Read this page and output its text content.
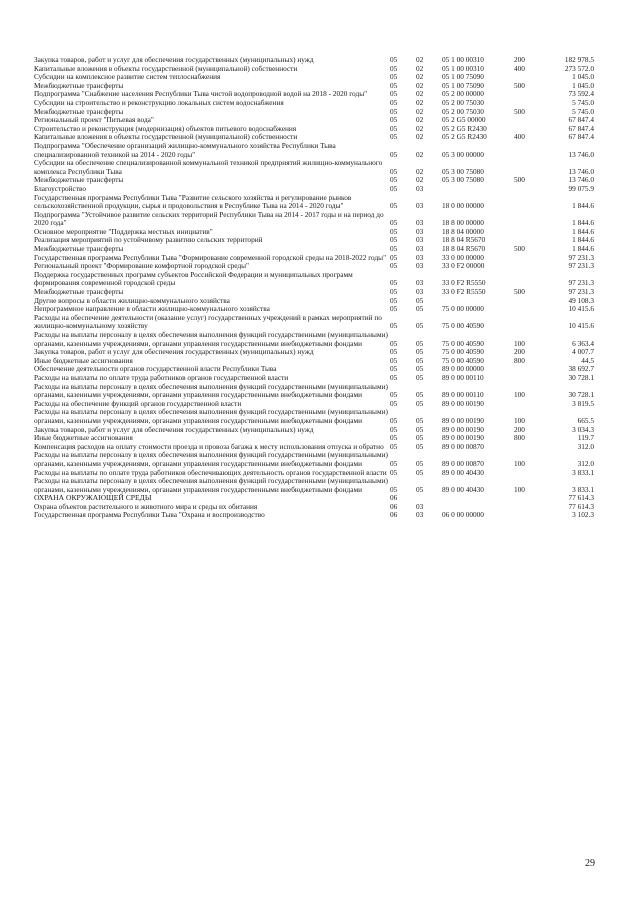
Закупка товаров, работ и услуг для обеспечения государственных (муниципальных) нужд	05	02	05 1 00 00310	200	182 978.5
Капитальные вложения в объекты государственной (муниципальной) собственности	05	02	05 1 00 00310	400	273 572.0
Субсидии на комплексное развитие систем теплоснабжения	05	02	05 1 00 75090		1 045.0
Межбюджетные трансферты	05	02	05 1 00 75090	500	1 045.0
Подпрограмма "Снабжение населения Республики Тыва чистой водопроводной водой на 2018 - 2020 годы"	05	02	05 2 00 00000		73 592.4
Субсидии на строительство и реконструкцию локальных систем водоснабжения	05	02	05 2 00 75030		5 745.0
Межбюджетные трансферты	05	02	05 2 00 75030	500	5 745.0
Региональный проект "Питьевая вода"	05	02	05 2 G5 00000		67 847.4
Строительство и реконструкция (модернизация) объектов питьевого водоснабжения	05	02	05 2 G5 R2430		67 847.4
Капитальные вложения в объекты государственной (муниципальной) собственности	05	02	05 2 G5 R2430	400	67 847.4
Подпрограмма "Обеспечение организаций жилищно-коммунального хозяйства Республики Тыва специализированной техникой на 2014 - 2020 годы"	05	02	05 3 00 00000		13 746.0
Субсидии на обеспечение специализированной коммунальной техникой предприятий жилищно-коммунального комплекса Республики Тыва	05	02	05 3 00 75080		13 746.0
Межбюджетные трансферты	05	02	05 3 00 75080	500	13 746.0
Благоустройство	05	03			99 075.9
Государственная программа Республики Тыва "Развитие сельского хозяйства и регулирование рынков сельскохозяйственной продукции, сырья и продовольствия в Республике Тыва на 2014 - 2020 годы"	05	03	18 0 00 00000		1 844.6
Подпрограмма "Устойчивое развитие сельских территорий Республики Тыва на 2014 - 2017 годы и на период до 2020 года"	05	03	18 8 00 00000		1 844.6
Основное мероприятие "Поддержка местных инициатив"	05	03	18 8 04 00000		1 844.6
Реализация мероприятий по устойчивому развитию сельских территорий	05	03	18 8 04 R5670		1 844.6
Межбюджетные трансферты	05	03	18 8 04 R5670	500	1 844.6
Государственная программа Республики Тыва "Формирование современной городской среды на 2018-2022 годы"	05	03	33 0 00 00000		97 231.3
Региональный проект "Формирование комфортной городской среды"	05	03	33 0 F2 00000		97 231.3
Поддержка государственных программ субъектов Российской Федерации и муниципальных программ формирования современной городской среды	05	03	33 0 F2 R5550		97 231.3
Межбюджетные трансферты	05	03	33 0 F2 R5550	500	97 231.3
Другие вопросы в области жилищно-коммунального хозяйства	05	05			49 108.3
Непрограммное направление в области жилищно-коммунального хозяйства	05	05	75 0 00 00000		10 415.6
Расходы на обеспечение деятельности (оказание услуг) государственных учреждений в рамках мероприятий по жилищно-коммунальному хозяйству	05	05	75 0 00 40590		10 415.6
Расходы на выплаты персоналу в целях обеспечения выполнения функций государственными (муниципальными) органами, казенными учреждениями, органами управления государственными внебюджетными фондами	05	05	75 0 00 40590	100	6 363.4
Закупка товаров, работ и услуг для обеспечения государственных (муниципальных) нужд	05	05	75 0 00 40590	200	4 007.7
Иные бюджетные ассигнования	05	05	75 0 00 40590	800	44.5
Обеспечение деятельности органов государственной власти Республики Тыва	05	05	89 0 00 00000		38 692.7
Расходы на выплаты по оплате труда работников органов государственной власти	05	05	89 0 00 00110		30 728.1
Расходы на выплаты персоналу в целях обеспечения выполнения функций государственными (муниципальными) органами, казенными учреждениями, органами управления государственными внебюджетными фондами	05	05	89 0 00 00110	100	30 728.1
Расходы на обеспечение функций органов государственной власти	05	05	89 0 00 00190		3 819.5
Расходы на выплаты персоналу в целях обеспечения выполнения функций государственными (муниципальными) органами, казенными учреждениями, органами управления государственными внебюджетными фондами	05	05	89 0 00 00190	100	665.5
Закупка товаров, работ и услуг для обеспечения государственных (муниципальных) нужд	05	05	89 0 00 00190	200	3 034.3
Иные бюджетные ассигнования	05	05	89 0 00 00190	800	119.7
Компенсация расходов на оплату стоимости проезда и провоза багажа к месту использования отпуска и обратно	05	05	89 0 00 00870		312.0
Расходы на выплаты персоналу в целях обеспечения выполнения функций государственными (муниципальными) органами, казенными учреждениями, органами управления государственными внебюджетными фондами	05	05	89 0 00 00870	100	312.0
Расходы на выплаты по оплате труда работников обеспечивающих деятельность органов государственной власти	05	05	89 0 00 40430		3 833.1
Расходы на выплаты персоналу в целях обеспечения выполнения функций государственными (муниципальными) органами, казенными учреждениями, органами управления государственными внебюджетными фондами	05	05	89 0 00 40430	100	3 833.1
ОХРАНА ОКРУЖАЮЩЕЙ СРЕДЫ	06				77 614.3
Охрана объектов растительного и животного мира и среды их обитания	06	03			77 614.3
Государственная программа Республики Тыва "Охрана и воспроизводство	06	03	06 0 00 00000		3 102.3
29
